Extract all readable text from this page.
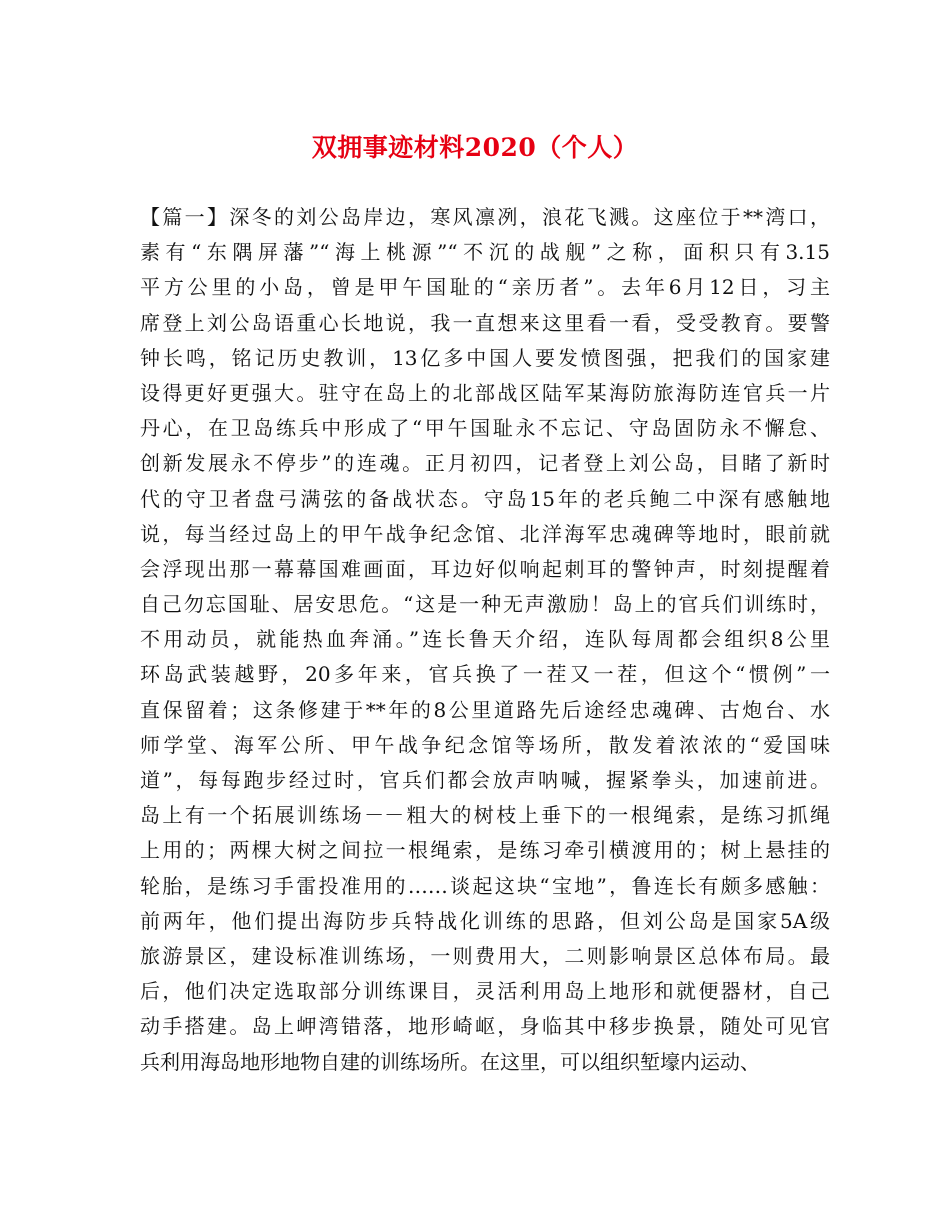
双拥事迹材料2020（个人）
【篇一】深冬的刘公岛岸边，寒风凛冽，浪花飞溅。这座位于**湾口，
素有“东隅屏藩”“海上桃源”“不沉的战舰”之称，面积只有3.15
平方公里的小岛，曾是甲午国耻的“亲历者”。去年6月12日，习主
席登上刘公岛语重心长地说，我一直想来这里看一看，受受教育。要警
钟长鸣，铭记历史教训，13亿多中国人要发愤图强，把我们的国家建
设得更好更强大。驻守在岛上的北部战区陆军某海防旅海防连官兵一片
丹心，在卫岛练兵中形成了“甲午国耻永不忘记、守岛固防永不懈怠、
创新发展永不停步”的连魂。正月初四，记者登上刘公岛，目睹了新时
代的守卫者盘弓满弦的备战状态。守岛15年的老兵鲍二中深有感触地
说，每当经过岛上的甲午战争纪念馆、北洋海军忠魂碑等地时，眼前就
会浮现出那一幕幕国难画面，耳边好似响起刺耳的警钟声，时刻提醒着
自己勿忘国耻、居安思危。“这是一种无声激励！岛上的官兵们训练时，
不用动员，就能热血奔涌。”连长鲁天介绍，连队每周都会组织8公里
环岛武装越野，20多年来，官兵换了一茬又一茬，但这个“惯例”一
直保留着；这条修建于**年的8公里道路先后途经忠魂碑、古炮台、水
师学堂、海军公所、甲午战争纪念馆等场所，散发着浓浓的“爱国味
道”，每每跑步经过时，官兵们都会放声呐喊，握紧拳头，加速前进。
岛上有一个拓展训练场－－粗大的树枝上垂下的一根绳索，是练习抓绳
上用的；两棵大树之间拉一根绳索，是练习牵引横渡用的；树上悬挂的
轮胎，是练习手雷投准用的……谈起这块“宝地”，鲁连长有颇多感触：
前两年，他们提出海防步兵特战化训练的思路，但刘公岛是国家5A级
旅游景区，建设标准训练场，一则费用大，二则影响景区总体布局。最
后，他们决定选取部分训练课目，灵活利用岛上地形和就便器材，自己
动手搭建。岛上岬湾错落，地形崎岖，身临其中移步换景，随处可见官
兵利用海岛地形地物自建的训练场所。在这里，可以组织堑壕内运动、
